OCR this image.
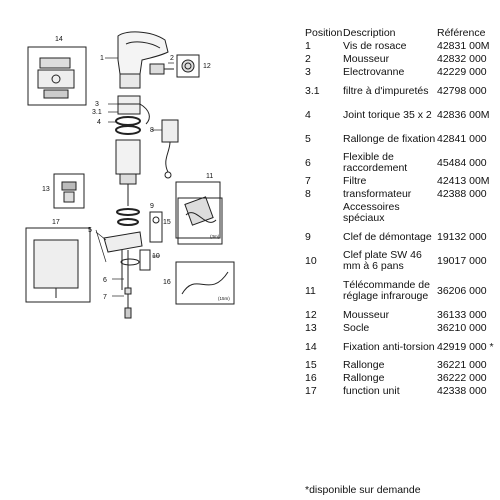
1	2
3
3.1
4
5
6
7
8
9
10
11
12
13
14
15
16
17
(3m)
(15m)
Position Description	Référence
1	Vis de rosace	42831 00M
2	Mousseur	42832 000
3	Electrovanne	42229 000
3.1	filtre à d'impuretés 42798 000
4	Joint torique 35 x 2 42836 00M
5	Rallonge de fixation 42841 000
6	Flexible de raccordement	45484 000
7	Filtre	42413 00M
8	transformateur	42388 000
Accessoires spéciaux
9	Clef de démontage 19132 000
10	Clef plate SW 46 mm à 6 pans	19017 000
11	Télécommande de réglage infrarouge 36206 000
12	Mousseur	36133 000
13	Socle	36210 000
14	Fixation anti-torsion 42919 000 *
15	Rallonge	36221 000
16	Rallonge	36222 000
17	function unit	42338 000
*disponible sur demande
